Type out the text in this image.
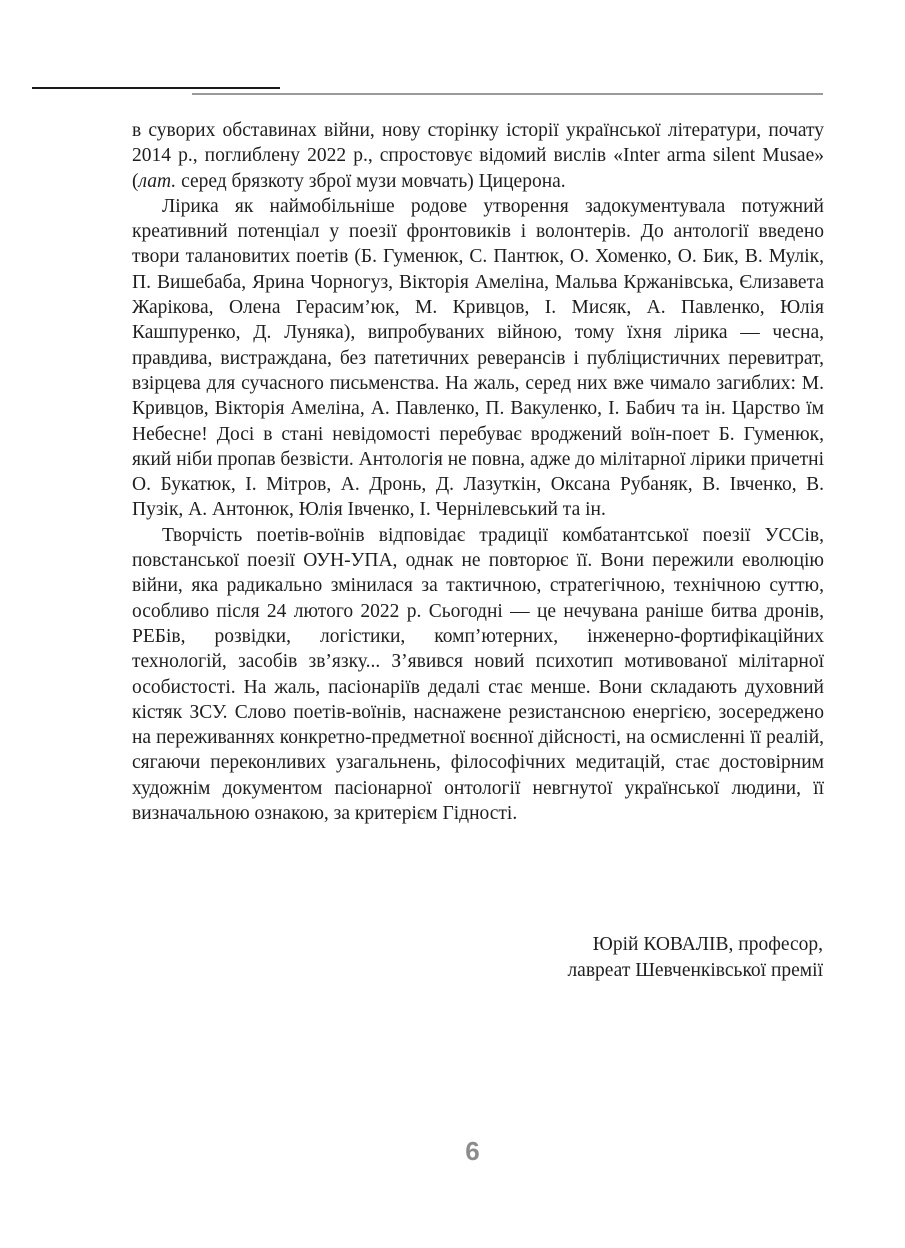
в суворих обставинах війни, нову сторінку історії української літератури, почату 2014 р., поглиблену 2022 р., спростовує відомий вислів «Inter arma silent Musae» (лат. серед брязкоту зброї музи мовчать) Цицерона.

Лірика як наймобільніше родове утворення задокументувала потужний креативний потенціал у поезії фронтовиків і волонтерів. До антології введено твори талановитих поетів (Б. Гуменюк, С. Пантюк, О. Хоменко, О. Бик, В. Мулік, П. Вишебаба, Ярина Чорногуз, Вікторія Амеліна, Мальва Кржанівська, Єлизавета Жарікова, Олена Герасим’юк, М. Кривцов, І. Мисяк, А. Павленко, Юлія Кашпуренко, Д. Луняка), випробуваних війною, тому їхня лірика — чесна, правдива, вистраждана, без патетичних реверансів і публіцистичних перевитрат, взірцева для сучасного письменства. На жаль, серед них вже чимало загиблих: М. Кривцов, Вікторія Амеліна, А. Павленко, П. Вакуленко, І. Бабич та ін. Царство їм Небесне! Досі в стані невідомості перебуває вроджений воїн-поет Б. Гуменюк, який ніби пропав безвісти. Антологія не повна, адже до мілітарної лірики причетні О. Букатюк, І. Мітров, А. Дронь, Д. Лазуткін, Оксана Рубаняк, В. Івченко, В. Пузік, А. Антонюк, Юлія Івченко, І. Чернілевський та ін.

Творчість поетів-воїнів відповідає традиції комбатантської поезії УССів, повстанської поезії ОУН-УПА, однак не повторює її. Вони пережили еволюцію війни, яка радикально змінилася за тактичною, стратегічною, технічною суттю, особливо після 24 лютого 2022 р. Сьогодні — це нечувана раніше битва дронів, РЕБів, розвідки, логістики, комп’ютерних, інженерно-фортифікаційних технологій, засобів зв’язку... З’явився новий психотип мотивованої мілітарної особистості. На жаль, пасіонаріїв дедалі стає менше. Вони складають духовний кістяк ЗСУ. Слово поетів-воїнів, наснажене резистансною енергією, зосереджено на переживаннях конкретно-предметної воєнної дійсності, на осмисленні її реалій, сягаючи переконливих узагальнень, філософічних медитацій, стає достовірним художнім документом пасіонарної онтології невгнутої української людини, її визначальною ознакою, за критерієм Гідності.

Юрій КОВАЛІВ, професор,
лавреат Шевченківської премії
6
